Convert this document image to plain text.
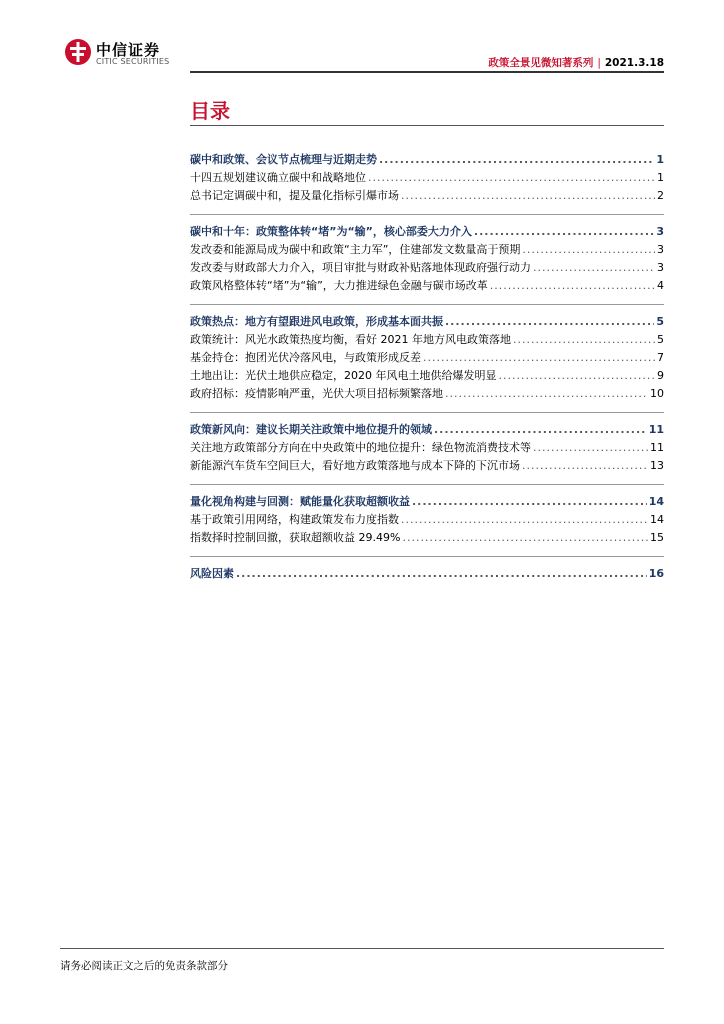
中信证券
CITIC SECURITIES	政策全景见微知著系列 | 2021.3.18
目录
碳中和政策、会议节点梳理与近期走势 .....	1
十四五规划建议确立碳中和战略地位 .....	1
总书记定调碳中和，提及量化指标引爆市场 .....	2
碳中和十年：政策整体转“堵”为“输”，核心部委大力介入 .....	3
发改委和能源局成为碳中和政策“主力军”，住建部发文数量高于预期 .....	3
发改委与财政部大力介入，项目审批与财政补贴落地体现政府强行动力 .....	3
政策风格整体转“堵”为“输”，大力推进绿色金融与碳市场改革 .....	4
政策热点：地方有望跟进风电政策，形成基本面共振 .....	5
政策统计：风光水政策热度均衡，看好 2021 年地方风电政策落地 .....	5
基金持仓：抱团光伏冷落风电，与政策形成反差 .....	7
土地出让：光伏土地供应稳定，2020 年风电土地供给爆发明显 .....	9
政府招标：疫情影响严重，光伏大项目招标频繁落地 .....	10
政策新风向：建议长期关注政策中地位提升的领域 .....	11
关注地方政策部分方向在中央政策中的地位提升：绿色物流消费技术等 .....	11
新能源汽车货车空间巨大，看好地方政策落地与成本下降的下沉市场 .....	13
量化视角构建与回测：赋能量化获取超额收益 .....	14
基于政策引用网络，构建政策发布力度指数 .....	14
指数择时控制回撤，获取超额收益 29.49% .....	15
风险因素 .....	16
请务必阅读正文之后的免责条款部分
